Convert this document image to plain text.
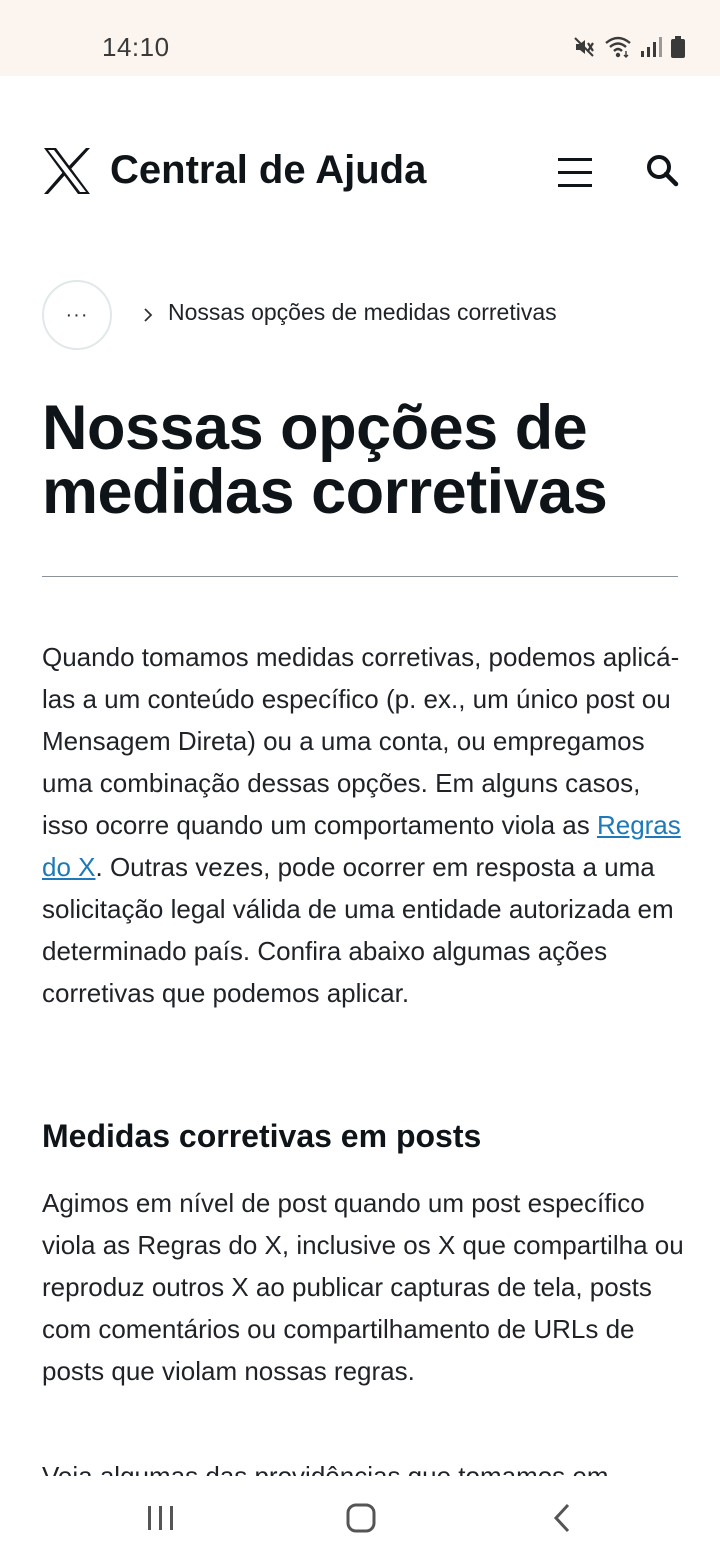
14:10
Central de Ajuda
···	Nossas opções de medidas corretivas
Nossas opções de medidas corretivas

Quando tomamos medidas corretivas, podemos aplicá-las a um conteúdo específico (p. ex., um único post ou Mensagem Direta) ou a uma conta, ou empregamos uma combinação dessas opções. Em alguns casos, isso ocorre quando um comportamento viola as Regras do X. Outras vezes, pode ocorrer em resposta a uma solicitação legal válida de uma entidade autorizada em determinado país. Confira abaixo algumas ações corretivas que podemos aplicar.

Medidas corretivas em posts

Agimos em nível de post quando um post específico viola as Regras do X, inclusive os X que compartilha ou reproduz outros X ao publicar capturas de tela, posts com comentários ou compartilhamento de URLs de posts que violam nossas regras.
